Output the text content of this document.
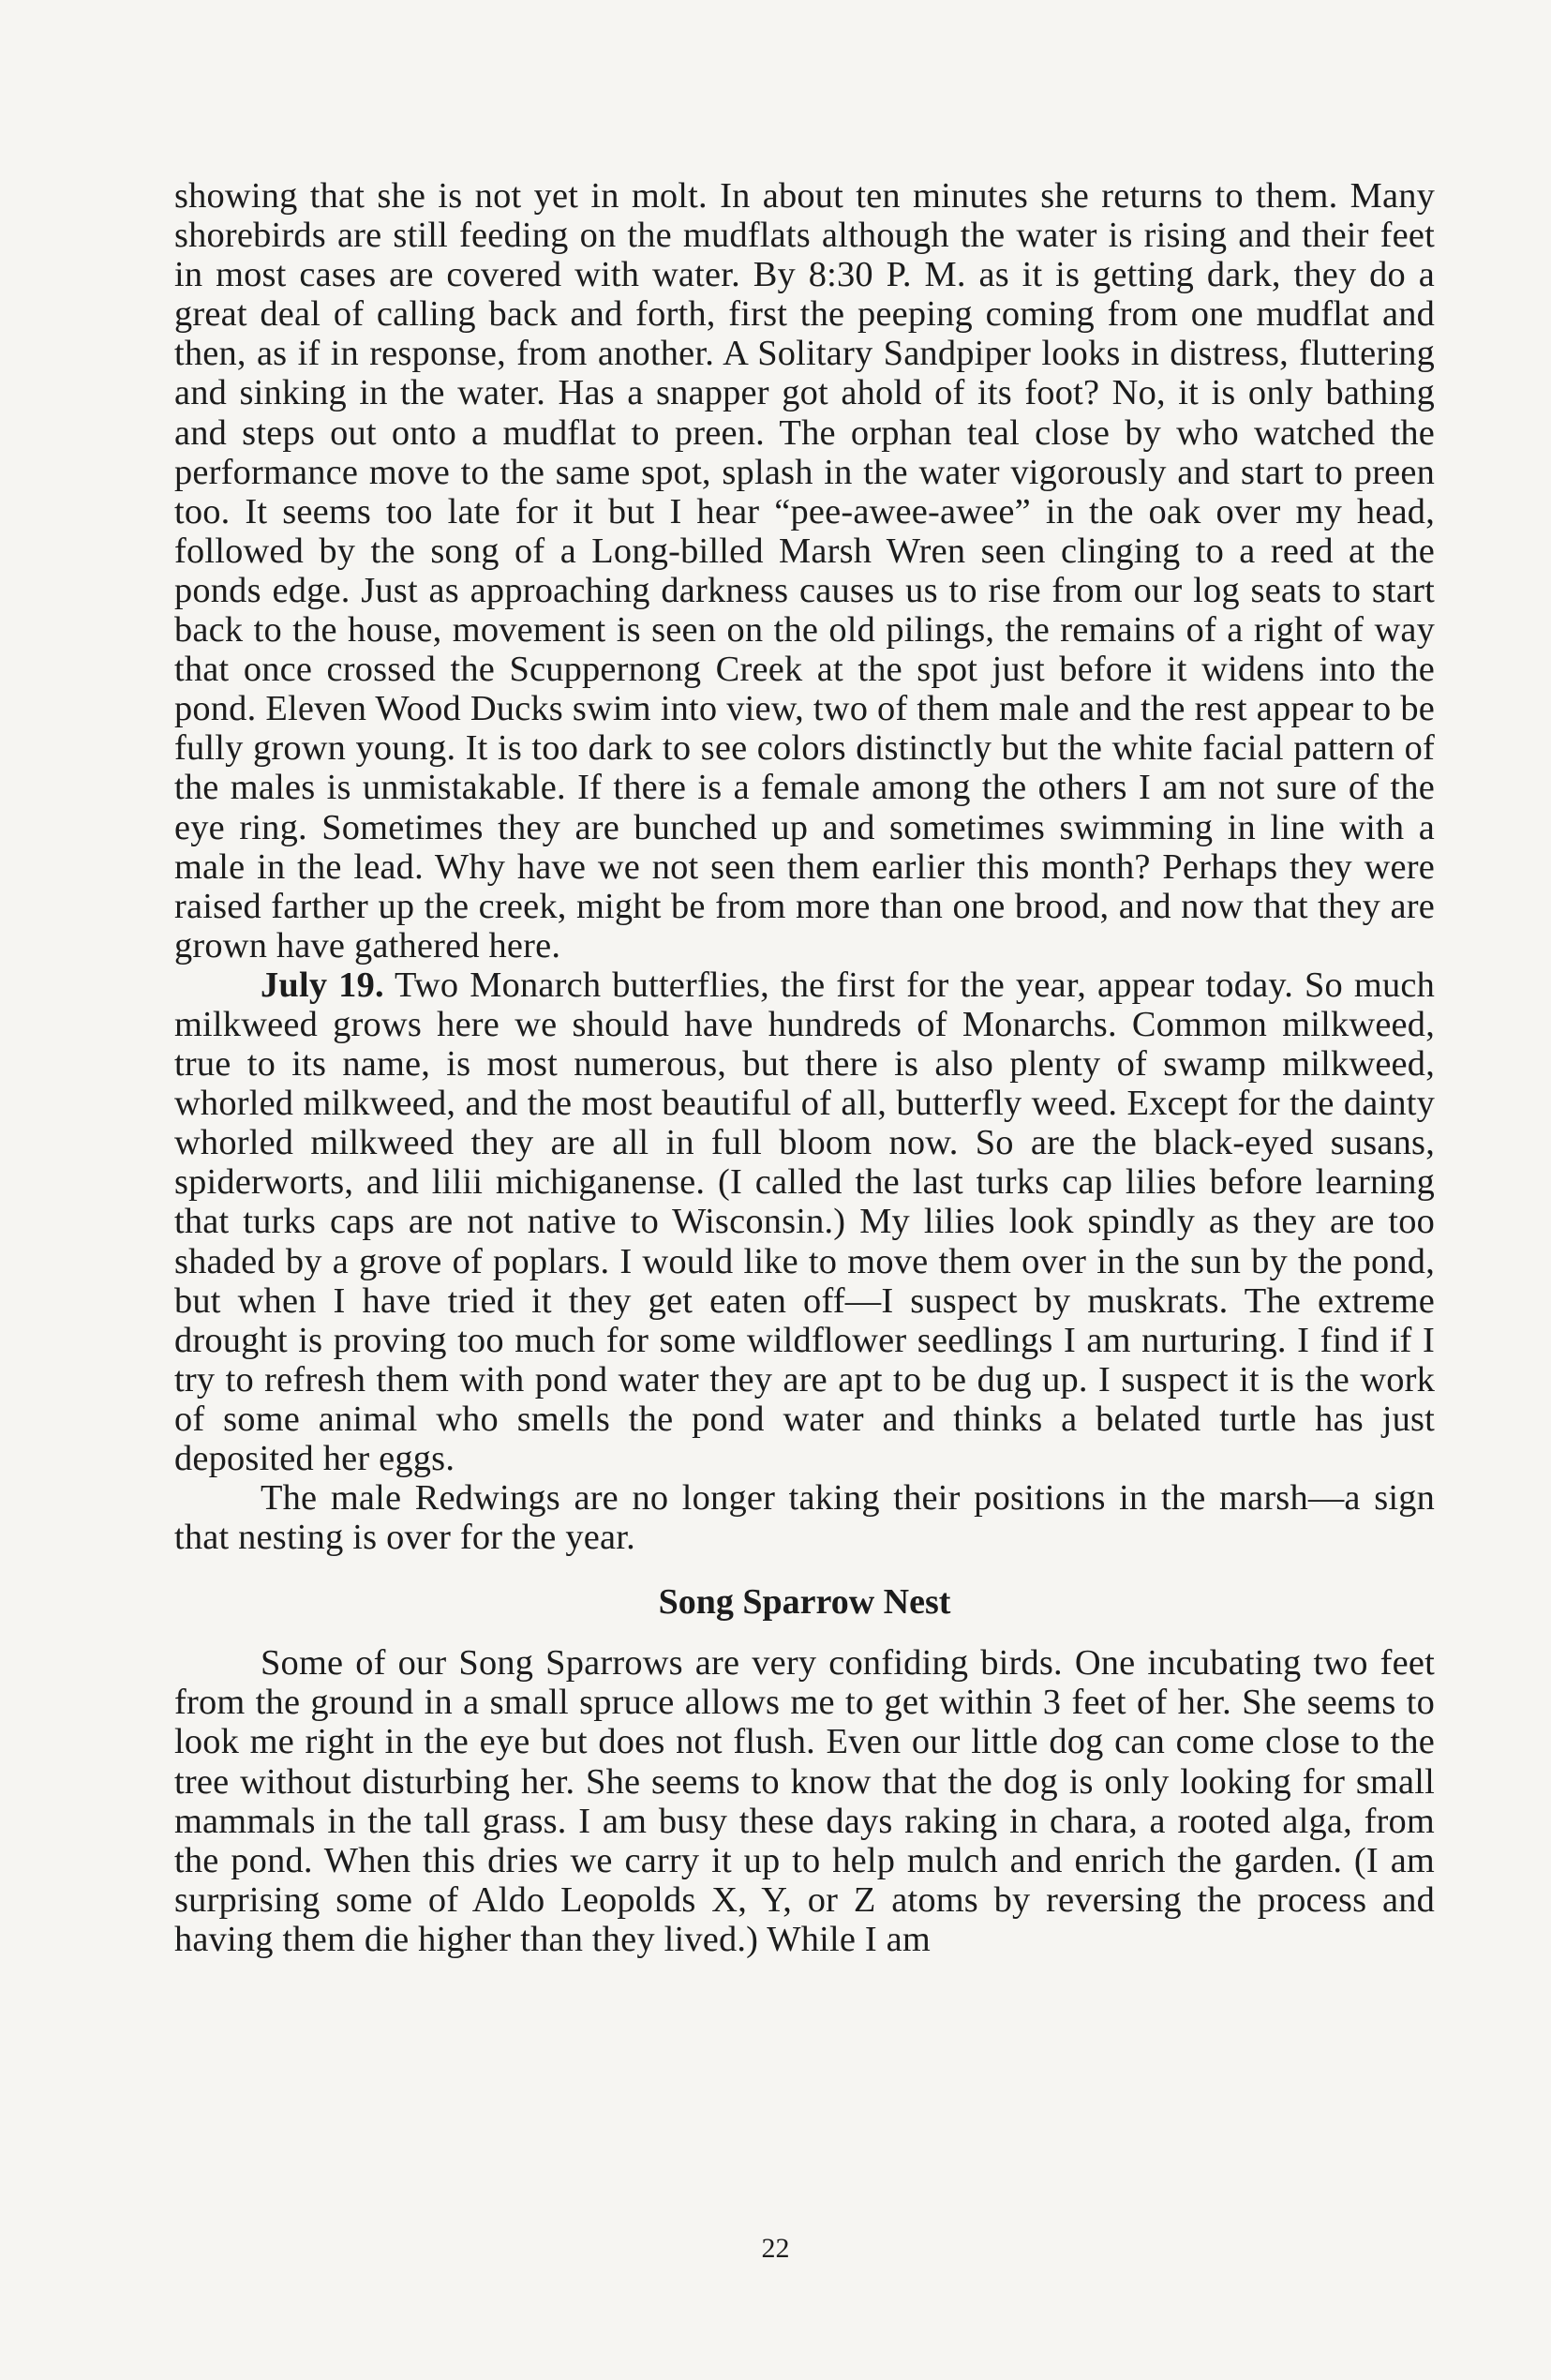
showing that she is not yet in molt. In about ten minutes she returns to them. Many shorebirds are still feeding on the mudflats although the water is rising and their feet in most cases are covered with water. By 8:30 P. M. as it is getting dark, they do a great deal of calling back and forth, first the peeping coming from one mudflat and then, as if in response, from another. A Solitary Sandpiper looks in distress, fluttering and sinking in the water. Has a snapper got ahold of its foot? No, it is only bathing and steps out onto a mudflat to preen. The orphan teal close by who watched the performance move to the same spot, splash in the water vigorously and start to preen too. It seems too late for it but I hear “pee-awee-awee” in the oak over my head, followed by the song of a Long-billed Marsh Wren seen clinging to a reed at the ponds edge. Just as approaching darkness causes us to rise from our log seats to start back to the house, movement is seen on the old pilings, the remains of a right of way that once crossed the Scuppernong Creek at the spot just before it widens into the pond. Eleven Wood Ducks swim into view, two of them male and the rest appear to be fully grown young. It is too dark to see colors distinctly but the white facial pattern of the males is unmistakable. If there is a female among the others I am not sure of the eye ring. Sometimes they are bunched up and sometimes swimming in line with a male in the lead. Why have we not seen them earlier this month? Perhaps they were raised farther up the creek, might be from more than one brood, and now that they are grown have gathered here.

July 19. Two Monarch butterflies, the first for the year, appear today. So much milkweed grows here we should have hundreds of Monarchs. Common milkweed, true to its name, is most numerous, but there is also plenty of swamp milkweed, whorled milkweed, and the most beautiful of all, butterfly weed. Except for the dainty whorled milkweed they are all in full bloom now. So are the black-eyed susans, spiderworts, and lilii michiganense. (I called the last turks cap lilies before learning that turks caps are not native to Wisconsin.) My lilies look spindly as they are too shaded by a grove of poplars. I would like to move them over in the sun by the pond, but when I have tried it they get eaten off—I suspect by muskrats. The extreme drought is proving too much for some wildflower seedlings I am nurturing. I find if I try to refresh them with pond water they are apt to be dug up. I suspect it is the work of some animal who smells the pond water and thinks a belated turtle has just deposited her eggs.

The male Redwings are no longer taking their positions in the marsh—a sign that nesting is over for the year.

Song Sparrow Nest

Some of our Song Sparrows are very confiding birds. One incubating two feet from the ground in a small spruce allows me to get within 3 feet of her. She seems to look me right in the eye but does not flush. Even our little dog can come close to the tree without disturbing her. She seems to know that the dog is only looking for small mammals in the tall grass. I am busy these days raking in chara, a rooted alga, from the pond. When this dries we carry it up to help mulch and enrich the garden. (I am surprising some of Aldo Leopolds X, Y, or Z atoms by reversing the process and having them die higher than they lived.) While I am

22
